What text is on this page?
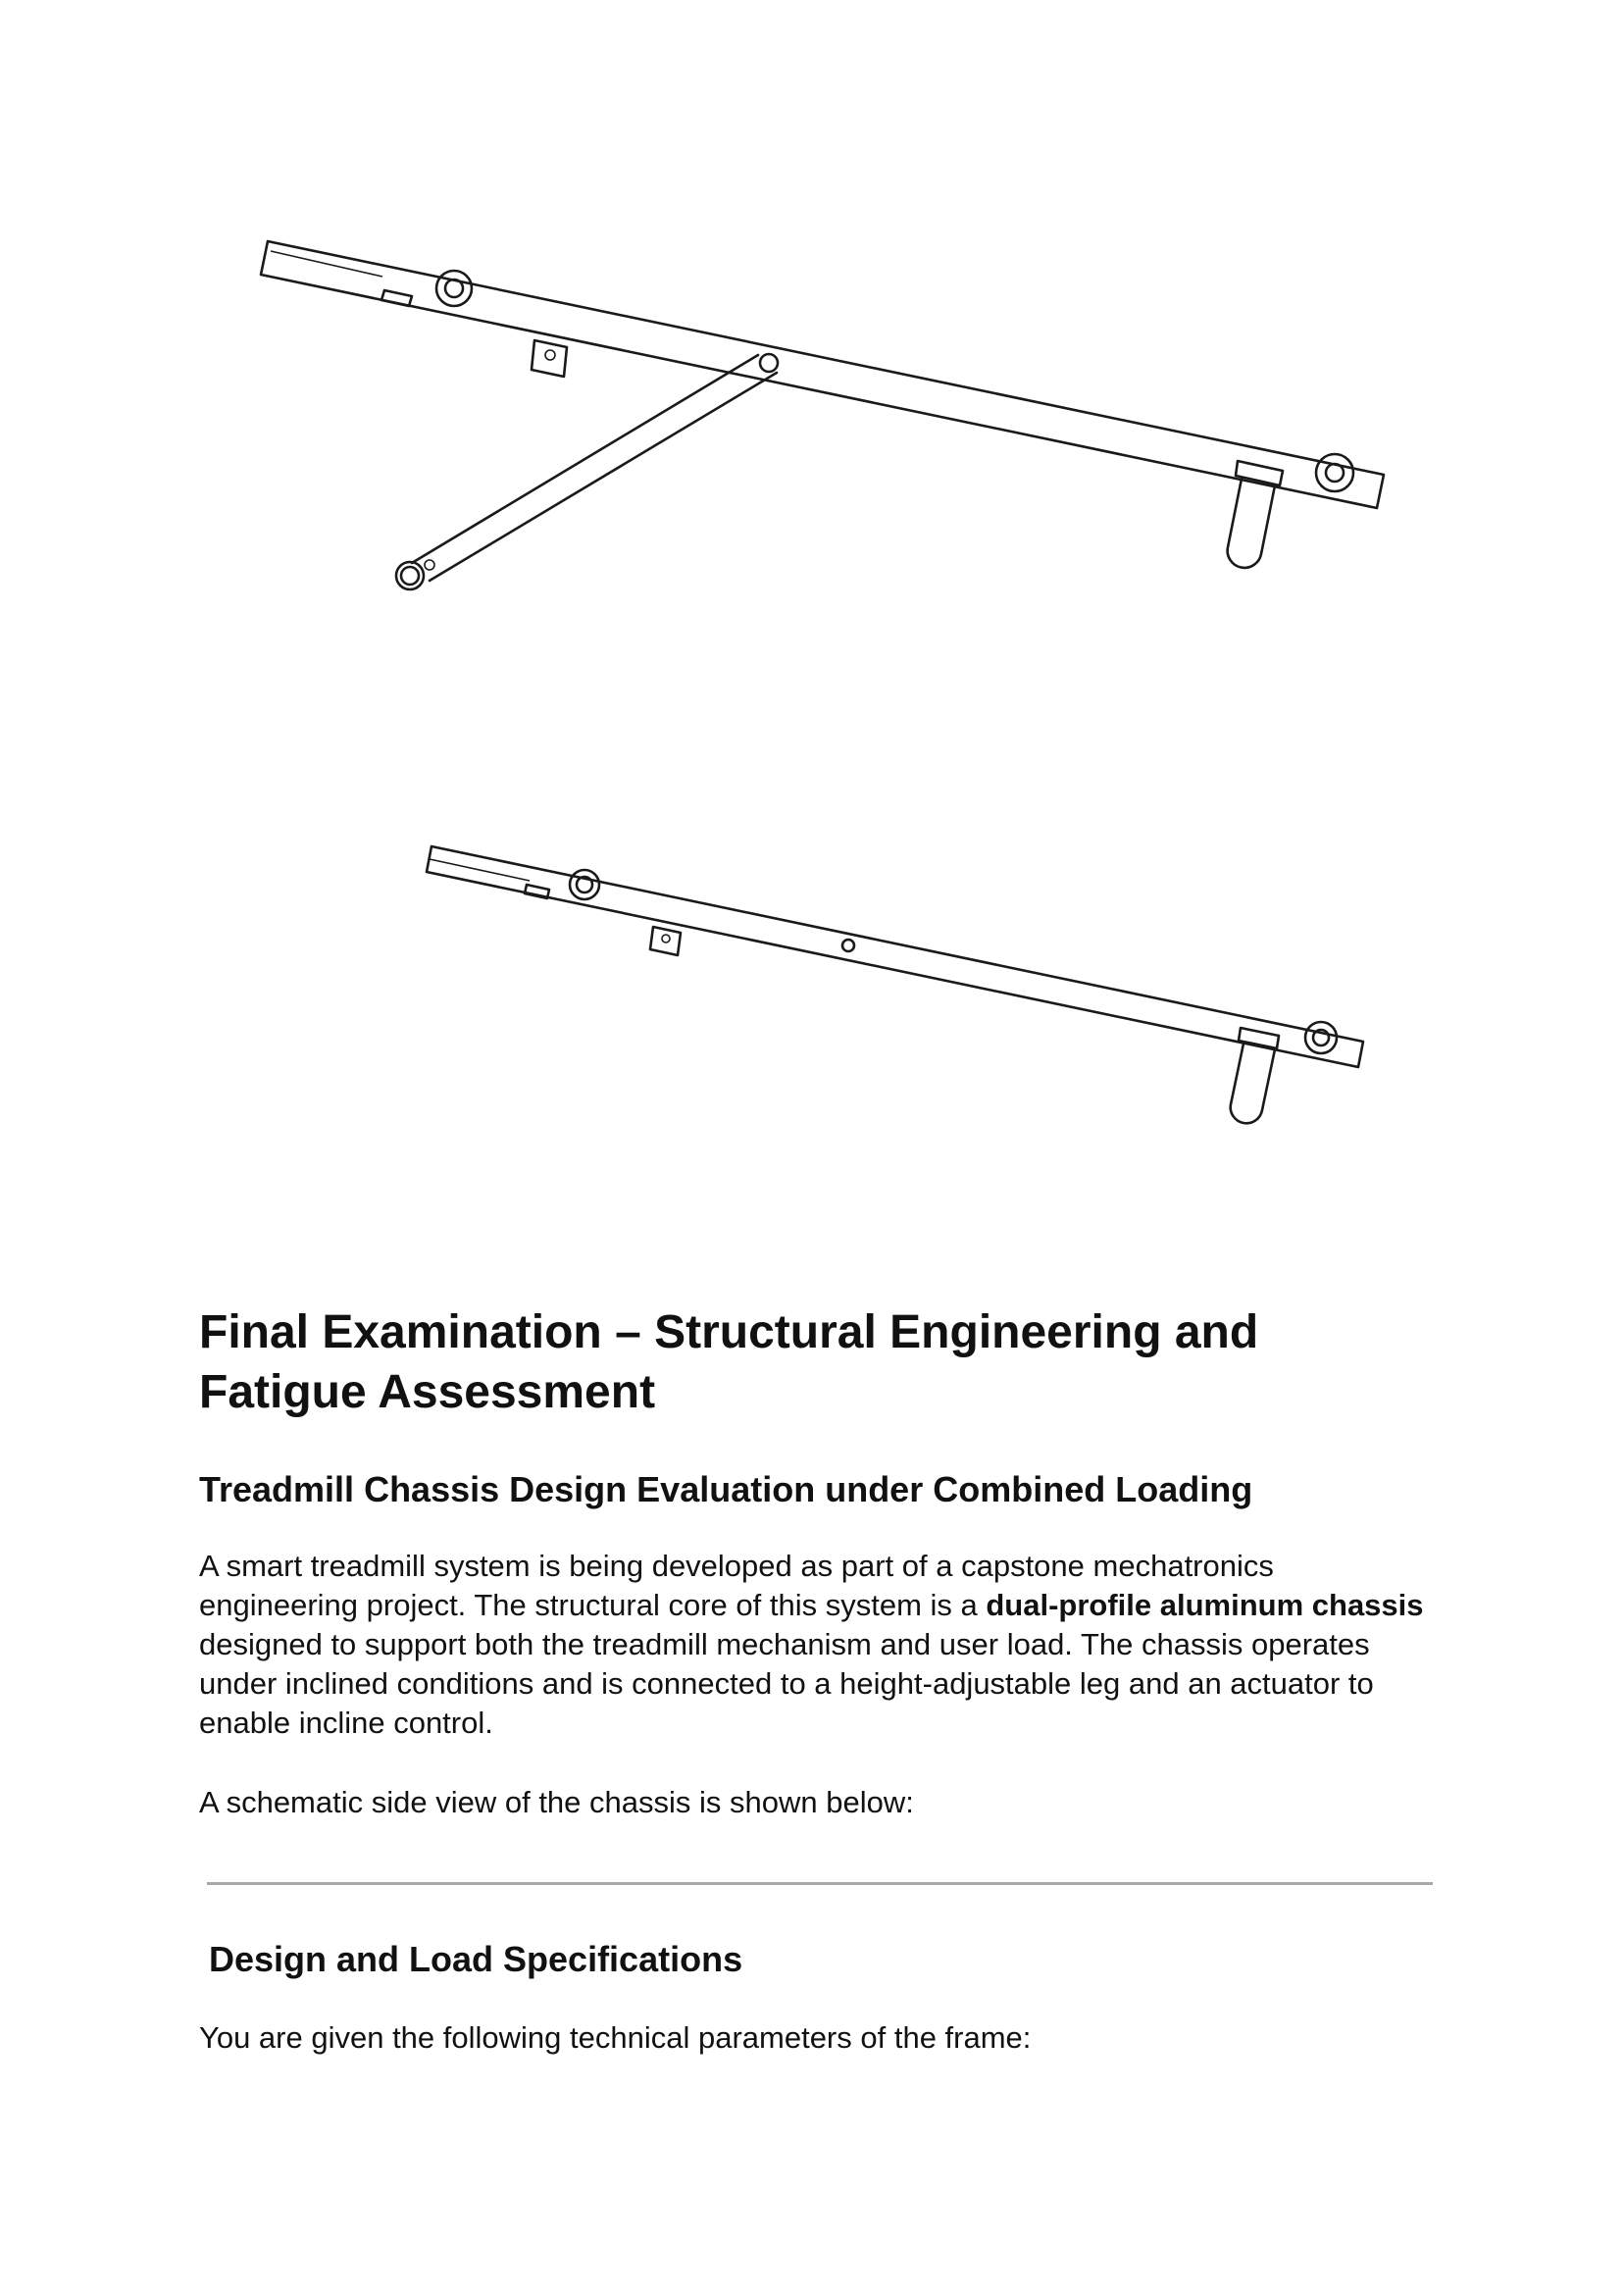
Final Examination – Structural Engineering and Fatigue Assessment
Treadmill Chassis Design Evaluation under Combined Loading

A smart treadmill system is being developed as part of a capstone mechatronics engineering project. The structural core of this system is a dual-profile aluminum chassis designed to support both the treadmill mechanism and user load. The chassis operates under inclined conditions and is connected to a height-adjustable leg and an actuator to enable incline control.

A schematic side view of the chassis is shown below:

Design and Load Specifications

You are given the following technical parameters of the frame:
